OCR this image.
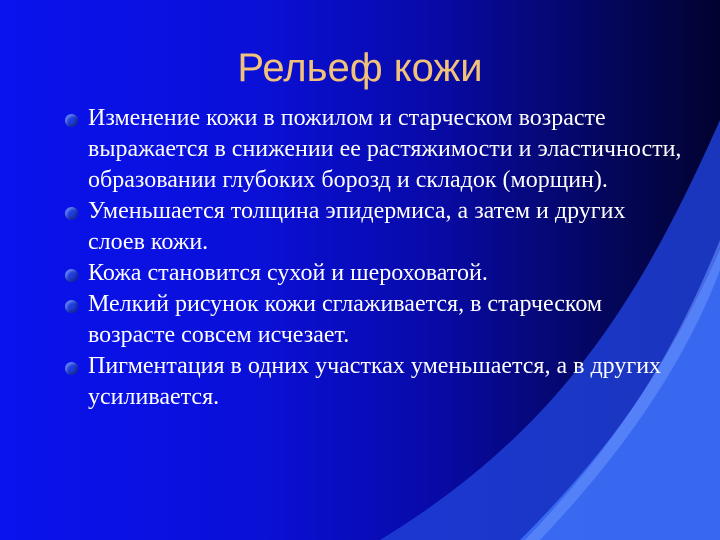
Рельеф кожи
Изменение кожи в пожилом и старческом возрасте выражается в снижении ее растяжимости и эластичности, образовании глубоких борозд и складок (морщин).
Уменьшается толщина эпидермиса, а затем и других слоев кожи.
Кожа становится сухой и шероховатой.
Мелкий рисунок кожи сглаживается, в старческом возрасте совсем исчезает.
Пигментация в одних участках уменьшается, а в других усиливается.
